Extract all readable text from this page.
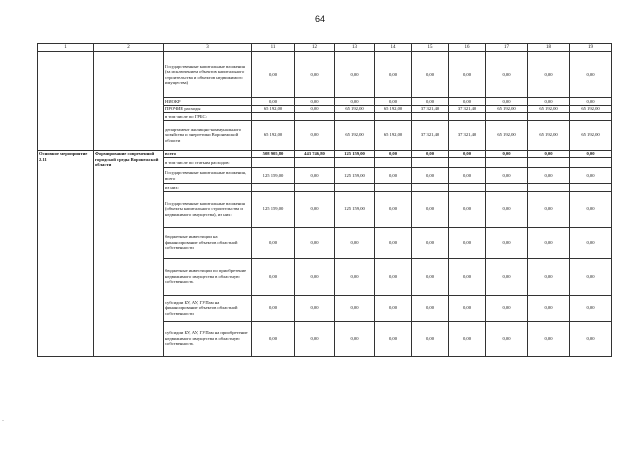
64
·
1	2	3	11	12	13	14	15	16	17	18	19
		Государственные капитальные вложения (за исключением объектов капитального строительства и объектов недвижимого имущества)	0,00	0,00	0,00	0,00	0,00	0,00	0,00	0,00	0,00
		НИОКР	0,00	0,00	0,00	0,00	0,00	0,00	0,00	0,00	0,00
		ПРОЧИЕ расходы	65 192,00	0,00	65 192,00	65 192,00	37 321,40	37 321,40	65 192,00	65 192,00	65 192,00
		в том числе по ГРБС:									
		департамент жилищно-коммунального хозяйства и энергетики Воронежской области	65 192,00	0,00	65 192,00	65 192,00	37 321,40	37 321,40	65 192,00	65 192,00	65 192,00
Основное мероприятие 2.11	Формирование современной городской среды Воронежской области	всего	508 905,80	443 746,80	125 159,00	0,00	0,00	0,00	0,00	0,00	0,00
		в том числе по статьям расходов:									
		Государственные капитальные вложения, всего	125 159,00	0,00	125 159,00	0,00	0,00	0,00	0,00	0,00	0,00
		из них:									
		Государственные капитальные вложения (объекты капитального строительства и недвижимого имущества), из них:	125 159,00	0,00	125 159,00	0,00	0,00	0,00	0,00	0,00	0,00
		бюджетные инвестиции на финансирование объектов областной собственности	0,00	0,00	0,00	0,00	0,00	0,00	0,00	0,00	0,00
		бюджетные инвестиции по приобретение недвижимого имущества в областную собственность	0,00	0,00	0,00	0,00	0,00	0,00	0,00	0,00	0,00
		субсидии БУ, АУ, ГУПам на финансирование объектов областной собственности	0,00	0,00	0,00	0,00	0,00	0,00	0,00	0,00	0,00
		субсидии БУ, АУ, ГУПам на приобретение недвижимого имущества в областную собственность	0,00	0,00	0,00	0,00	0,00	0,00	0,00	0,00	0,00
